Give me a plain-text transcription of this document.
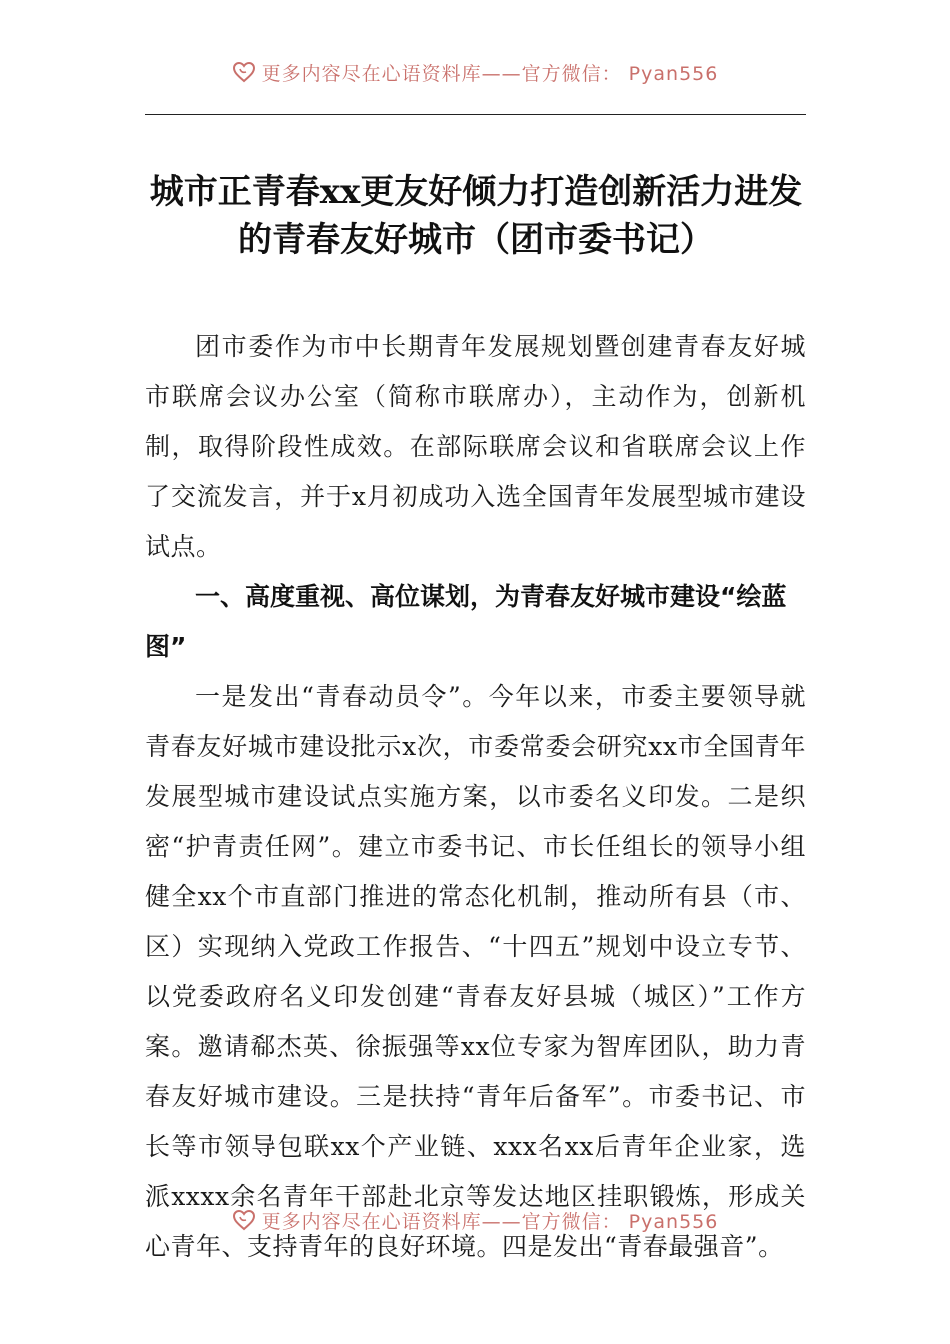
更多内容尽在心语资料库——官方微信： Pyan556
城市正青春xx更友好倾力打造创新活力进发的青春友好城市（团市委书记）

团市委作为市中长期青年发展规划暨创建青春友好城市联席会议办公室（简称市联席办），主动作为，创新机制，取得阶段性成效。在部际联席会议和省联席会议上作了交流发言，并于x月初成功入选全国青年发展型城市建设试点。

一、高度重视、高位谋划，为青春友好城市建设“绘蓝图”

一是发出“青春动员令”。今年以来，市委主要领导就青春友好城市建设批示x次，市委常委会研究xx市全国青年发展型城市建设试点实施方案，以市委名义印发。二是织密“护青责任网”。建立市委书记、市长任组长的领导小组健全xx个市直部门推进的常态化机制，推动所有县（市、区）实现纳入党政工作报告、“十四五”规划中设立专节、以党委政府名义印发创建“青春友好县城（城区）”工作方案。邀请郗杰英、徐振强等xx位专家为智库团队，助力青春友好城市建设。三是扶持“青年后备军”。市委书记、市长等市领导包联xx个产业链、xxx名xx后青年企业家，选派xxxx余名青年干部赴北京等发达地区挂职锻炼，形成关心青年、支持青年的良好环境。四是发出“青春最强音”。

更多内容尽在心语资料库——官方微信： Pyan556
